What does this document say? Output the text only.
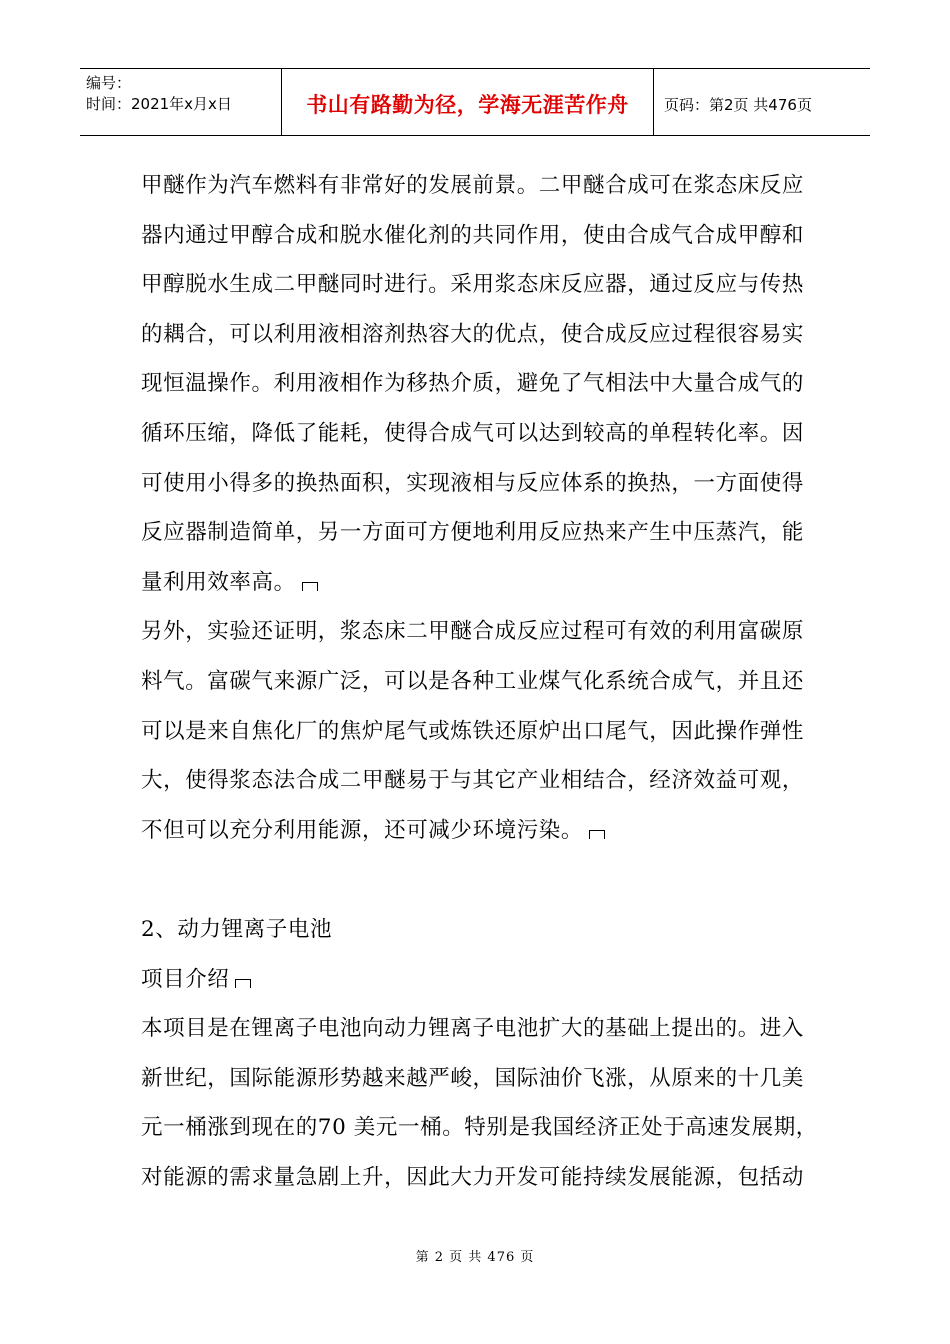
编号：
时间：2021年x月x日	书山有路勤为径，学海无涯苦作舟 页码：第2页 共476页

甲醚作为汽车燃料有非常好的发展前景。二甲醚合成可在浆态床反应器内通过甲醇合成和脱水催化剂的共同作用，使由合成气合成甲醇和甲醇脱水生成二甲醚同时进行。采用浆态床反应器，通过反应与传热的耦合，可以利用液相溶剂热容大的优点，使合成反应过程很容易实现恒温操作。利用液相作为移热介质，避免了气相法中大量合成气的循环压缩，降低了能耗，使得合成气可以达到较高的单程转化率。因可使用小得多的换热面积，实现液相与反应体系的换热，一方面使得反应器制造简单，另一方面可方便地利用反应热来产生中压蒸汽，能量利用效率高。

另外，实验还证明，浆态床二甲醚合成反应过程可有效的利用富碳原料气。富碳气来源广泛，可以是各种工业煤气化系统合成气，并且还可以是来自焦化厂的焦炉尾气或炼铁还原炉出口尾气，因此操作弹性大，使得浆态法合成二甲醚易于与其它产业相结合，经济效益可观，不但可以充分利用能源，还可减少环境污染。

2、动力锂离子电池

项目介绍

本项目是在锂离子电池向动力锂离子电池扩大的基础上提出的。进入新世纪，国际能源形势越来越严峻，国际油价飞涨，从原来的十几美元一桶涨到现在的70 美元一桶。特别是我国经济正处于高速发展期，对能源的需求量急剧上升，因此大力开发可能持续发展能源，包括动

第 2 页 共 476 页
